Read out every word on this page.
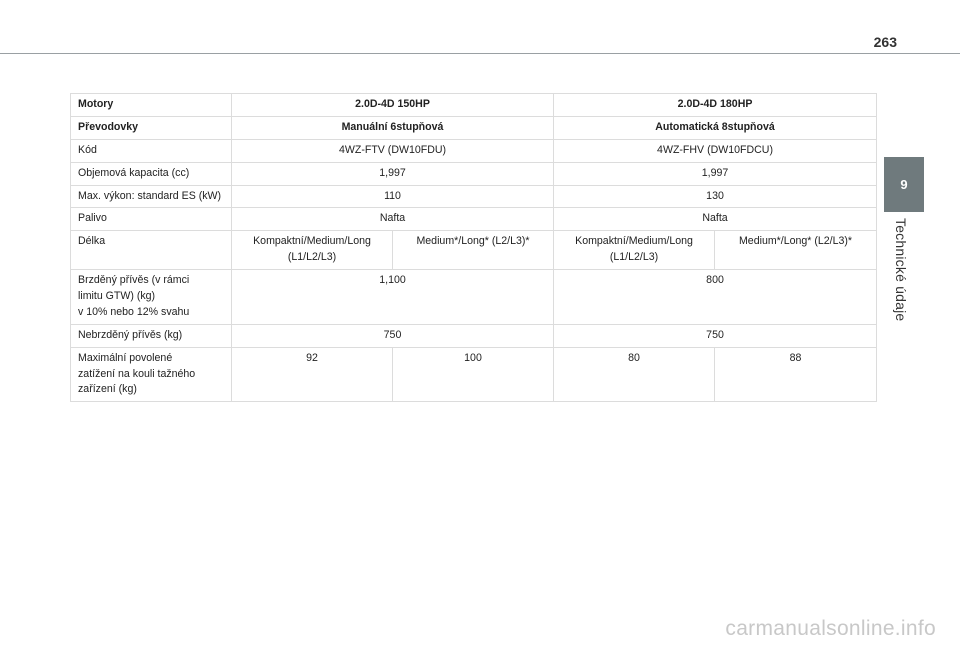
263
9
Technické údaje
Motory	2.0D-4D 150HP		2.0D-4D 180HP	
Převodovky	Manuální 6stupňová		Automatická 8stupňová	
Kód	4WZ-FTV (DW10FDU)		4WZ-FHV (DW10FDCU)	
Objemová kapacita (cc)	1,997		1,997	
Max. výkon: standard ES (kW)	110		130	
Palivo	Nafta		Nafta	
Délka	Kompaktní/Medium/Long (L1/L2/L3)	Medium*/Long* (L2/L3)*	Kompaktní/Medium/Long (L1/L2/L3)	Medium*/Long* (L2/L3)*

Brzděný přívěs (v rámci
limitu GTW) (kg)
v 10% nebo 12% svahu	1,100		800	
Nebrzděný přívěs (kg)	750		750	

Maximální povolené
zatížení na kouli tažného
zařízení (kg)	92	100	80	88
carmanualsonline.info
